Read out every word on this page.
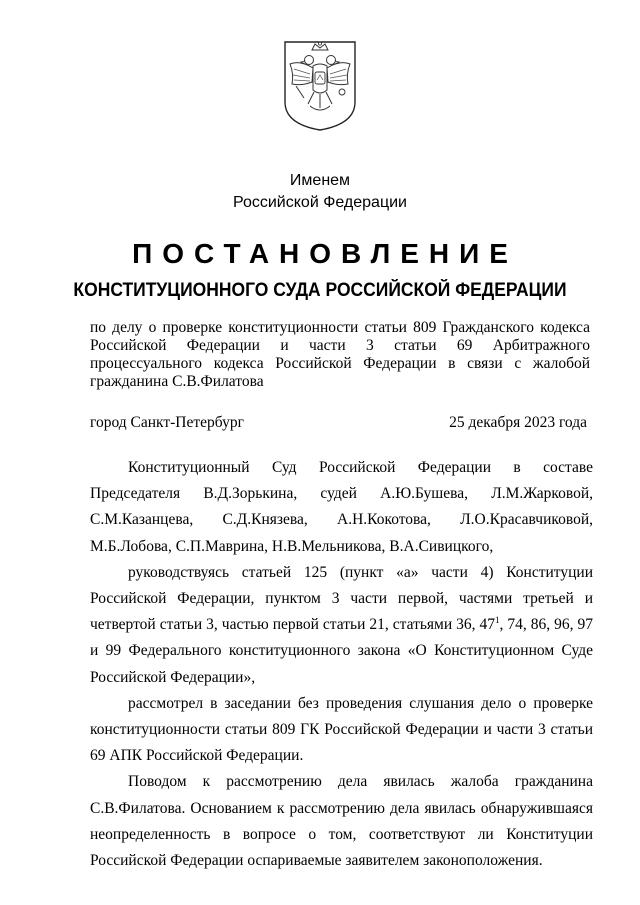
Именем
Российской Федерации
ПОСТАНОВЛЕНИЕ
КОНСТИТУЦИОННОГО СУДА РОССИЙСКОЙ ФЕДЕРАЦИИ
по делу о проверке конституционности статьи 809 Гражданского кодекса Российской Федерации и части 3 статьи 69 Арбитражного процессуального кодекса Российской Федерации в связи с жалобой гражданина С.В.Филатова
город Санкт-Петербург	25 декабря 2023 года

Конституционный Суд Российской Федерации в составе Председателя В.Д.Зорькина, судей А.Ю.Бушева, Л.М.Жарковой, С.М.Казанцева, С.Д.Князева, А.Н.Кокотова, Л.О.Красавчиковой, М.Б.Лобова, С.П.Маврина, Н.В.Мельникова, В.А.Сивицкого,

руководствуясь статьей 125 (пункт «а» части 4) Конституции Российской Федерации, пунктом 3 части первой, частями третьей и четвертой статьи 3, частью первой статьи 21, статьями 36, $47^1$, 74, 86, 96, 97 и 99 Федерального конституционного закона «О Конституционном Суде Российской Федерации»,

рассмотрел в заседании без проведения слушания дело о проверке конституционности статьи 809 ГК Российской Федерации и части 3 статьи 69 АПК Российской Федерации.

Поводом к рассмотрению дела явилась жалоба гражданина С.В.Филатова. Основанием к рассмотрению дела явилась обнаружившаяся неопределенность в вопросе о том, соответствуют ли Конституции Российской Федерации оспариваемые заявителем законоположения.
